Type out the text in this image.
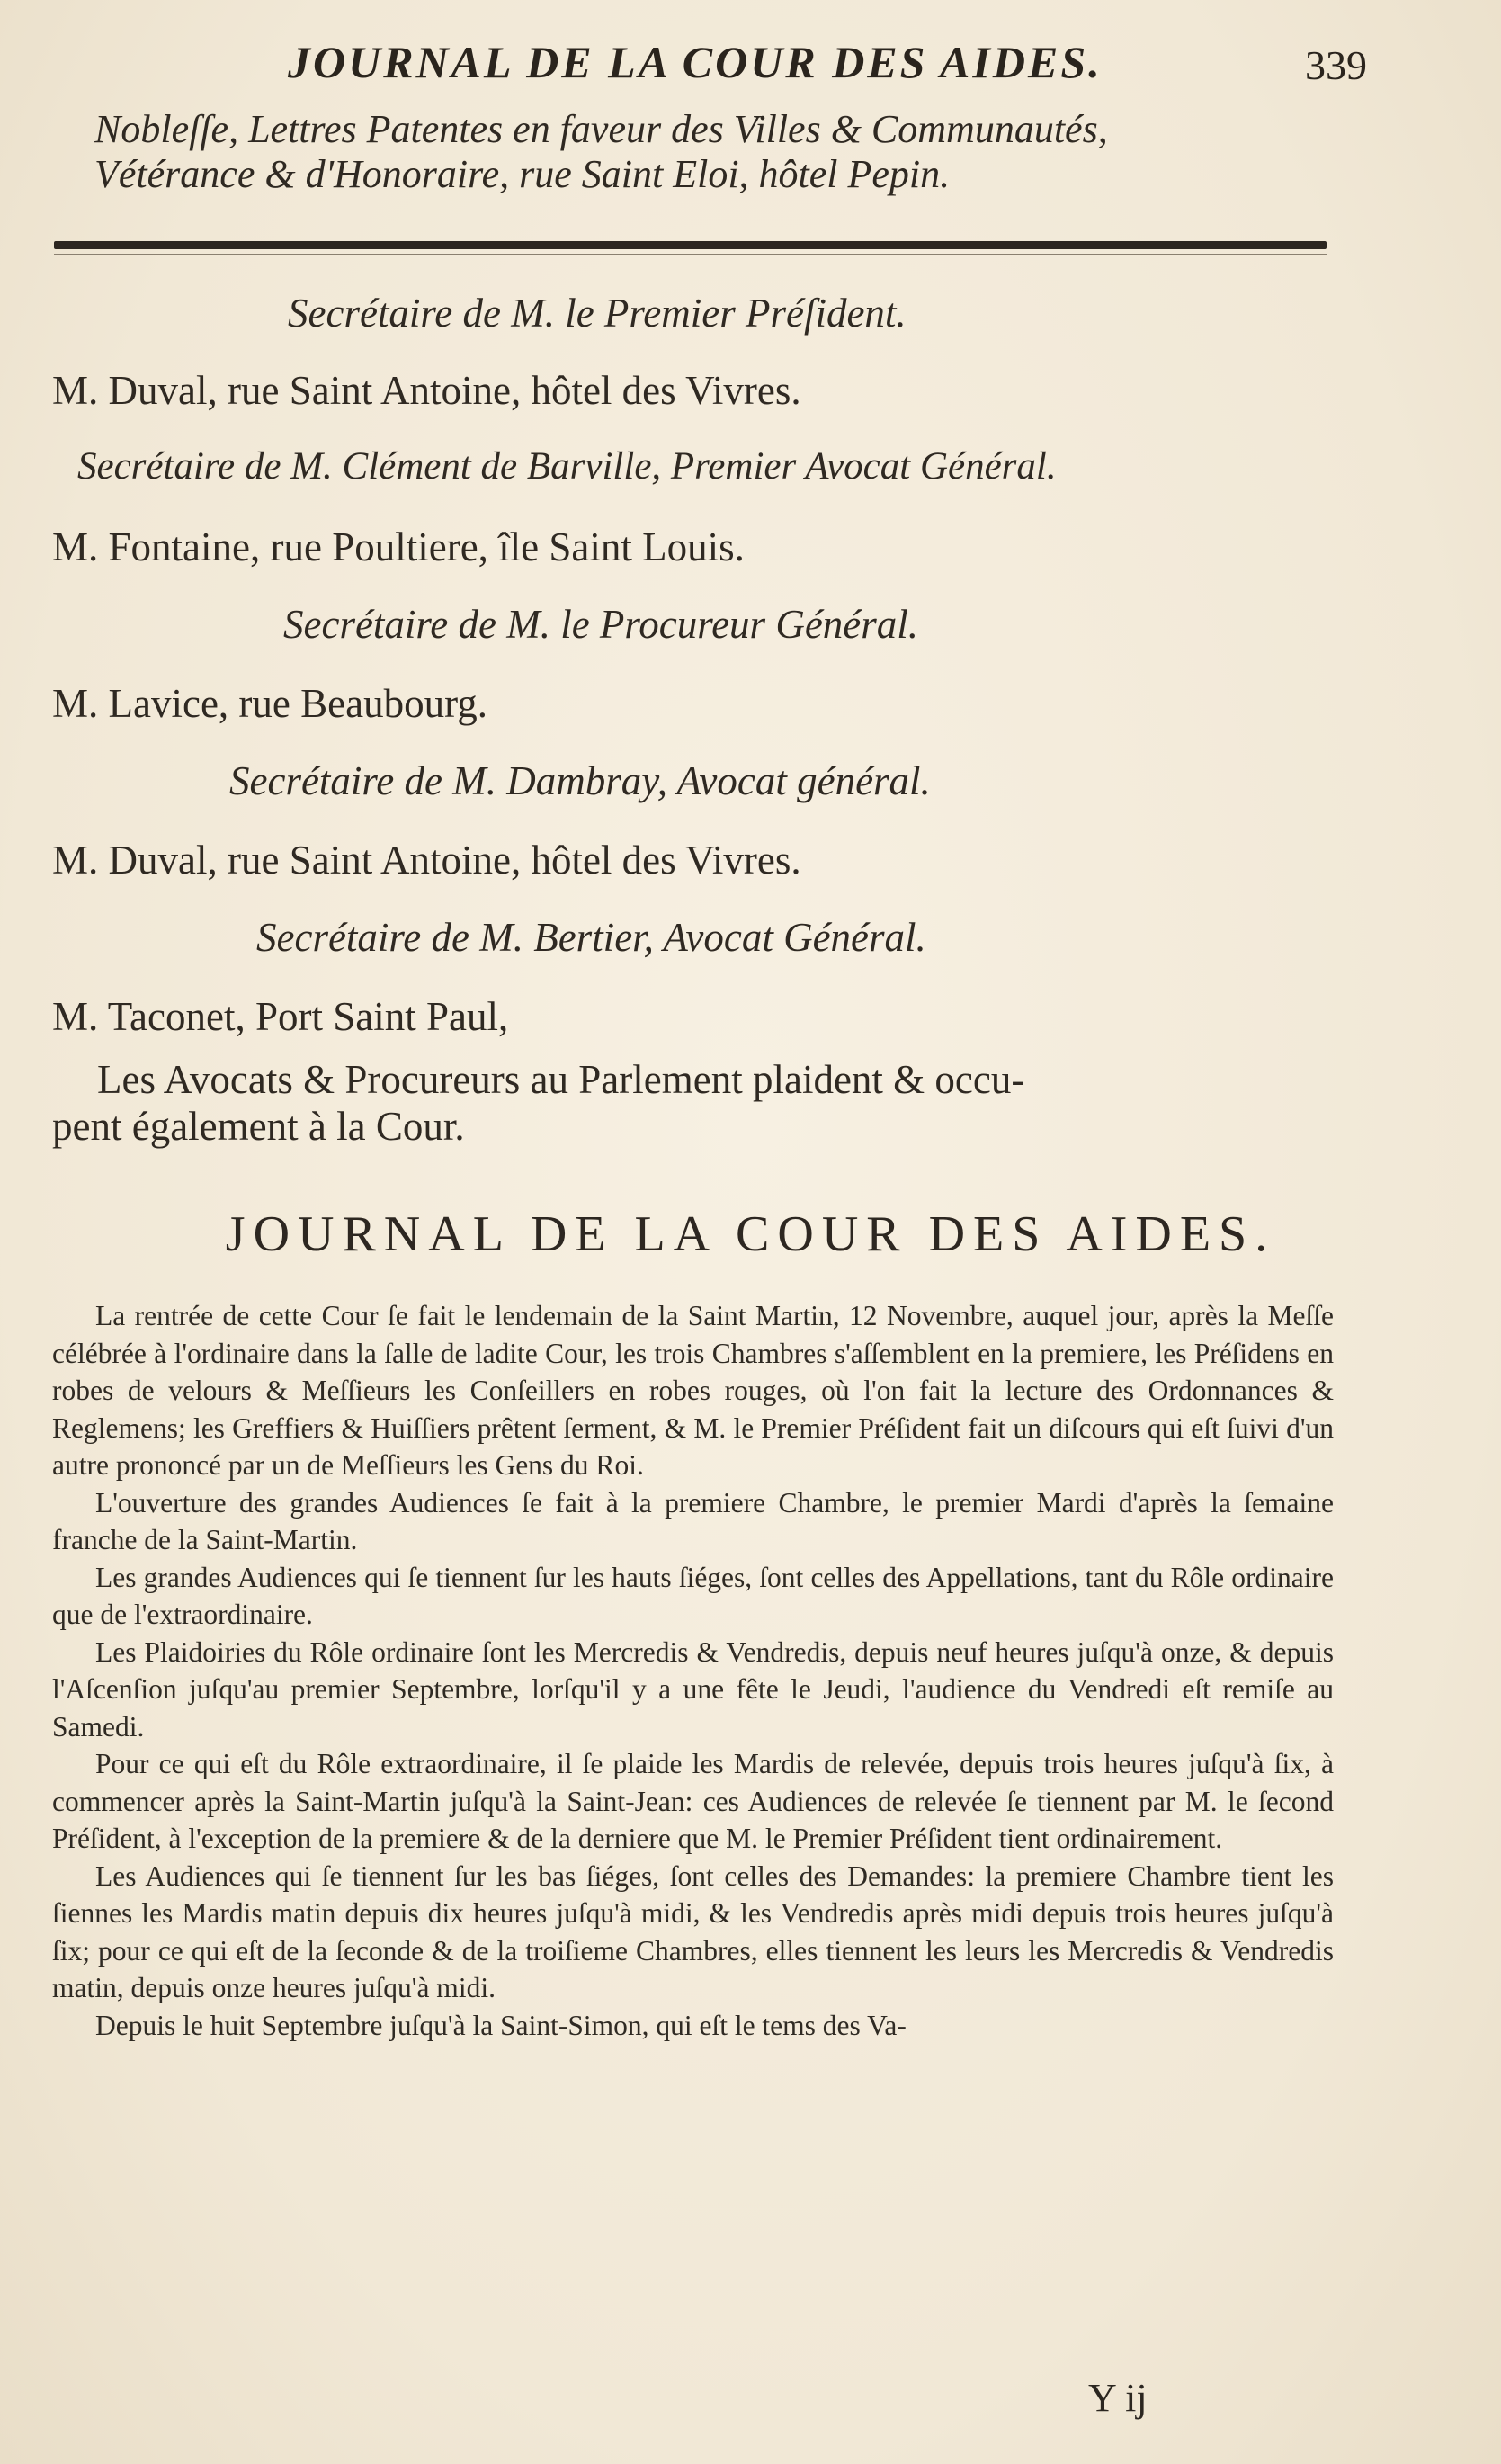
JOURNAL DE LA COUR DES AIDES.	339
Nobleſſe, Lettres Patentes en faveur des Villes & Communautés,
Vétérance & d'Honoraire, rue Saint Eloi, hôtel Pepin.
Secrétaire de M. le Premier Préſident.
M. Duval, rue Saint Antoine, hôtel des Vivres.
Secrétaire de M. Clément de Barville, Premier Avocat Général.
M. Fontaine, rue Poultiere, île Saint Louis.
Secrétaire de M. le Procureur Général.
M. Lavice, rue Beaubourg.
Secrétaire de M. Dambray, Avocat général.
M. Duval, rue Saint Antoine, hôtel des Vivres.
Secrétaire de M. Bertier, Avocat Général.
M. Taconet, Port Saint Paul,
Les Avocats & Procureurs au Parlement plaident & occu-
pent également à la Cour.
JOURNAL DE LA COUR DES AIDES.

La rentrée de cette Cour ſe fait le lendemain de la Saint Martin, 12 Novembre, auquel jour, après la Meſſe célébrée à l'ordinaire dans la ſalle de ladite Cour, les trois Chambres s'aſſemblent en la premiere, les Préſidens en robes de velours & Meſſieurs les Conſeillers en robes rouges, où l'on fait la lecture des Ordonnances & Reglemens; les Greffiers & Huiſſiers prêtent ſerment, & M. le Premier Préſident fait un diſcours qui eſt ſuivi d'un autre prononcé par un de Meſſieurs les Gens du Roi.

L'ouverture des grandes Audiences ſe fait à la premiere Chambre, le premier Mardi d'après la ſemaine franche de la Saint-Martin.

Les grandes Audiences qui ſe tiennent ſur les hauts ſiéges, ſont celles des Appellations, tant du Rôle ordinaire que de l'extraordinaire.

Les Plaidoiries du Rôle ordinaire ſont les Mercredis & Vendredis, depuis neuf heures juſqu'à onze, & depuis l'Aſcenſion juſqu'au premier Septembre, lorſqu'il y a une fête le Jeudi, l'audience du Vendredi eſt remiſe au Samedi.

Pour ce qui eſt du Rôle extraordinaire, il ſe plaide les Mardis de relevée, depuis trois heures juſqu'à ſix, à commencer après la Saint-Martin juſqu'à la Saint-Jean: ces Audiences de relevée ſe tiennent par M. le ſecond Préſident, à l'exception de la premiere & de la derniere que M. le Premier Préſident tient ordinairement.

Les Audiences qui ſe tiennent ſur les bas ſiéges, ſont celles des Demandes: la premiere Chambre tient les ſiennes les Mardis matin depuis dix heures juſqu'à midi, & les Vendredis après midi depuis trois heures juſqu'à ſix; pour ce qui eſt de la ſeconde & de la troiſieme Chambres, elles tiennent les leurs les Mercredis & Vendredis matin, depuis onze heures juſqu'à midi.

Depuis le huit Septembre juſqu'à la Saint-Simon, qui eſt le tems des Va-

Y ij
